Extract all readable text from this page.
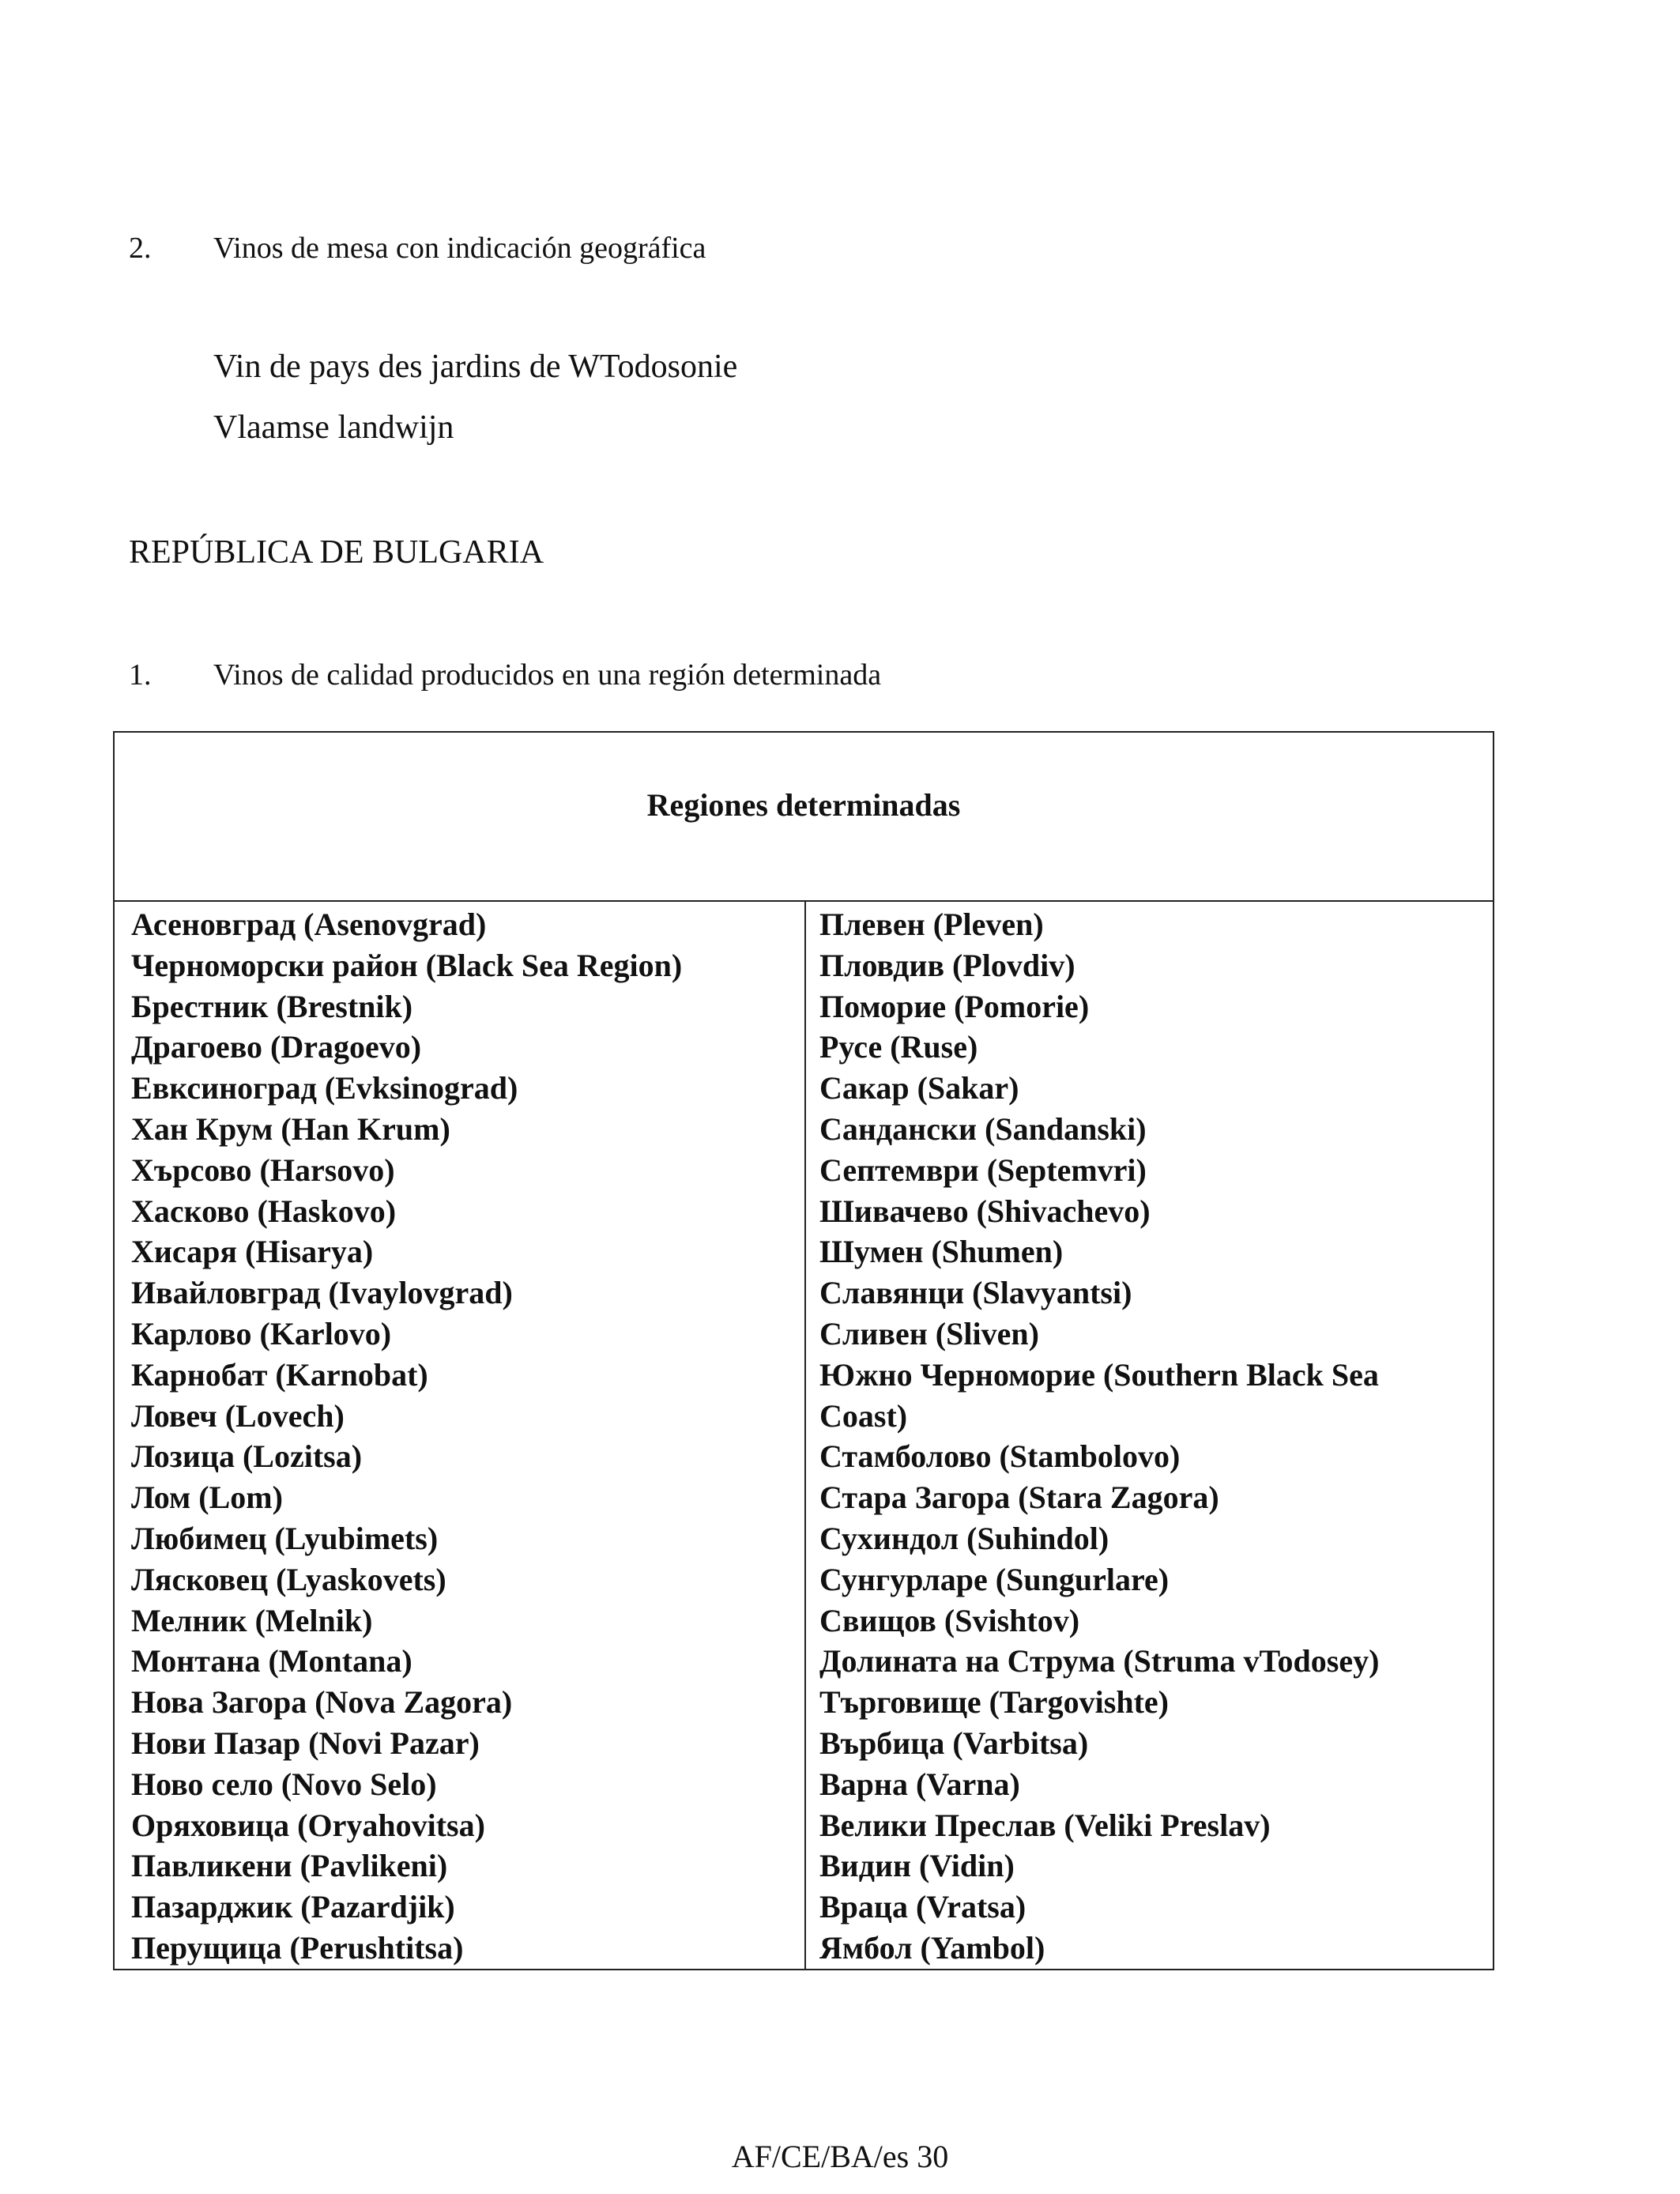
2. Vinos de mesa con indicación geográfica
Vin de pays des jardins de WTodosonie
Vlaamse landwijn
REPÚBLICA DE BULGARIA
1. Vinos de calidad producidos en una región determinada
Regiones determinadas
Асеновград (Asenovgrad)
Черноморски район (Black Sea Region)
Брестник (Brestnik)
Драгоево (Dragoevo)
Евксиноград (Evksinograd)
Хан Крум (Han Krum)
Хърсово (Harsovo)
Хасково (Haskovo)
Хисаря (Hisarya)
Ивайловград (Ivaylovgrad)
Карлово (Karlovo)
Карнобат (Karnobat)
Ловеч (Lovech)
Лозица (Lozitsa)
Лом (Lom)
Любимец (Lyubimets)
Лясковец (Lyaskovets)
Мелник (Melnik)
Монтана (Montana)
Нова Загора (Nova Zagora)
Нови Пазар (Novi Pazar)
Ново село (Novo Selo)
Оряховица (Oryahovitsa)
Павликени (Pavlikeni)
Пазарджик (Pazardjik)
Перущица (Perushtitsa)
Плевен (Pleven)
Пловдив (Plovdiv)
Поморие (Pomorie)
Русе (Ruse)
Сакар (Sakar)
Сандански (Sandanski)
Септември (Septemvri)
Шивачево (Shivachevo)
Шумен (Shumen)
Славянци (Slavyantsi)
Сливен (Sliven)
Южно Черноморие (Southern Black Sea
Coast)
Стамболово (Stambolovo)
Стара Загора (Stara Zagora)
Сухиндол (Suhindol)
Сунгурларе (Sungurlare)
Свищов (Svishtov)
Долината на Струма (Struma vTodosey)
Търговище (Targovishte)
Върбица (Varbitsa)
Варна (Varna)
Велики Преслав (Veliki Preslav)
Видин (Vidin)
Враца (Vratsa)
Ямбол (Yambol)
AF/CE/BA/es 30
